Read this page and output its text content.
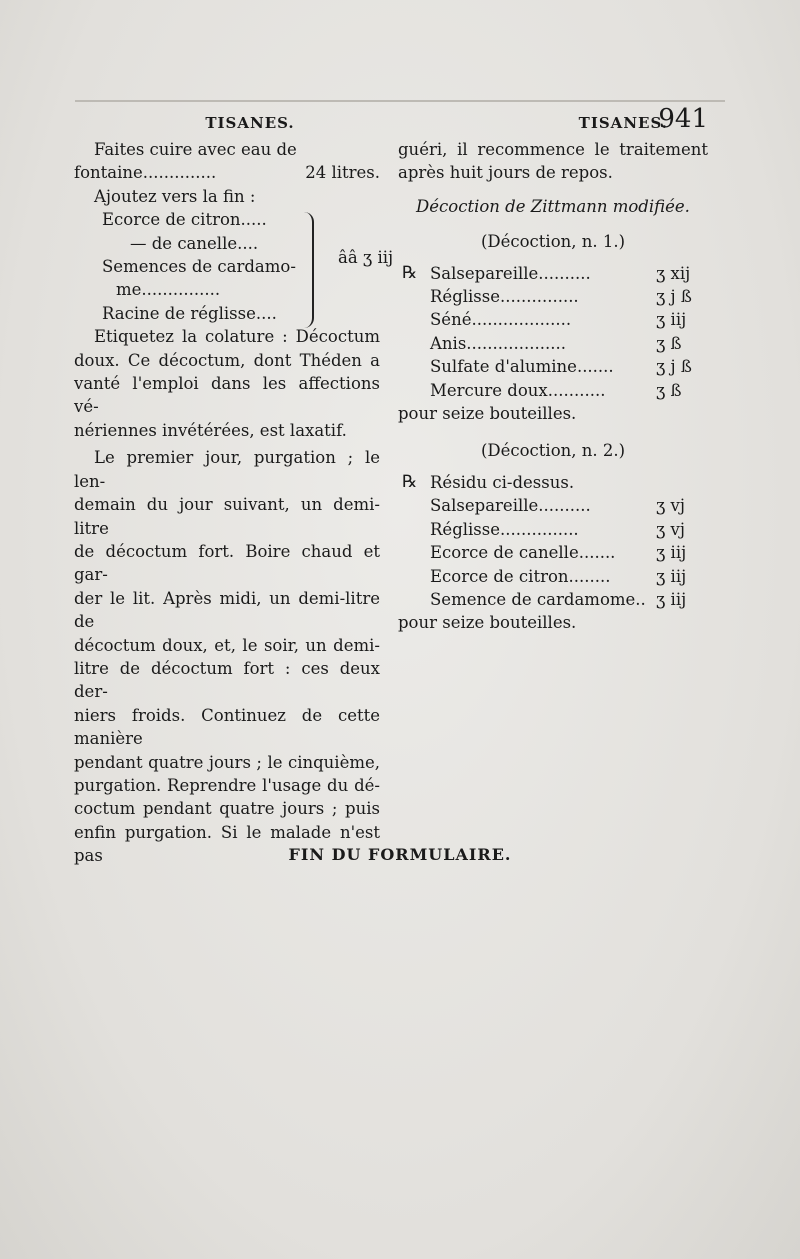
TISANES.
Faites cuire avec eau de
fontaine..............	24 litres.
Ajoutez vers la fin :
Ecorce de citron.....
— de canelle....
Semences de cardamo-
me...............
Racine de réglisse....
ââ ʒ iij
Etiquetez la colature : Décoctum
doux. Ce décoctum, dont Théden a
vanté l'emploi dans les affections vé-
nériennes invétérées, est laxatif.
Le premier jour, purgation ; le len-
demain du jour suivant, un demi-litre
de décoctum fort. Boire chaud et gar-
der le lit. Après midi, un demi-litre de
décoctum doux, et, le soir, un demi-
litre de décoctum fort : ces deux der-
niers froids. Continuez de cette manière
pendant quatre jours ; le cinquième,
purgation. Reprendre l'usage du dé-
coctum pendant quatre jours ; puis
enfin purgation. Si le malade n'est pas
TISANES.
941
guéri, il recommence le traitement
après huit jours de repos.
Décoction de Zittmann modifiée.
(Décoction, n. 1.)
℞ Salsepareille..........	ʒ xij
Réglisse...............	ʒ j ß
Séné...................	ʒ iij
Anis...................	ʒ ß
Sulfate d'alumine.......	ʒ j ß
Mercure doux...........	ʒ ß
pour seize bouteilles.
(Décoction, n. 2.)
℞ Résidu ci-dessus.
Salsepareille..........	ʒ vj
Réglisse...............	ʒ vj
Ecorce de canelle.......	ʒ iij
Ecorce de citron........	ʒ iij
Semence de cardamome.. ʒ iij
pour seize bouteilles.
FIN DU FORMULAIRE.
